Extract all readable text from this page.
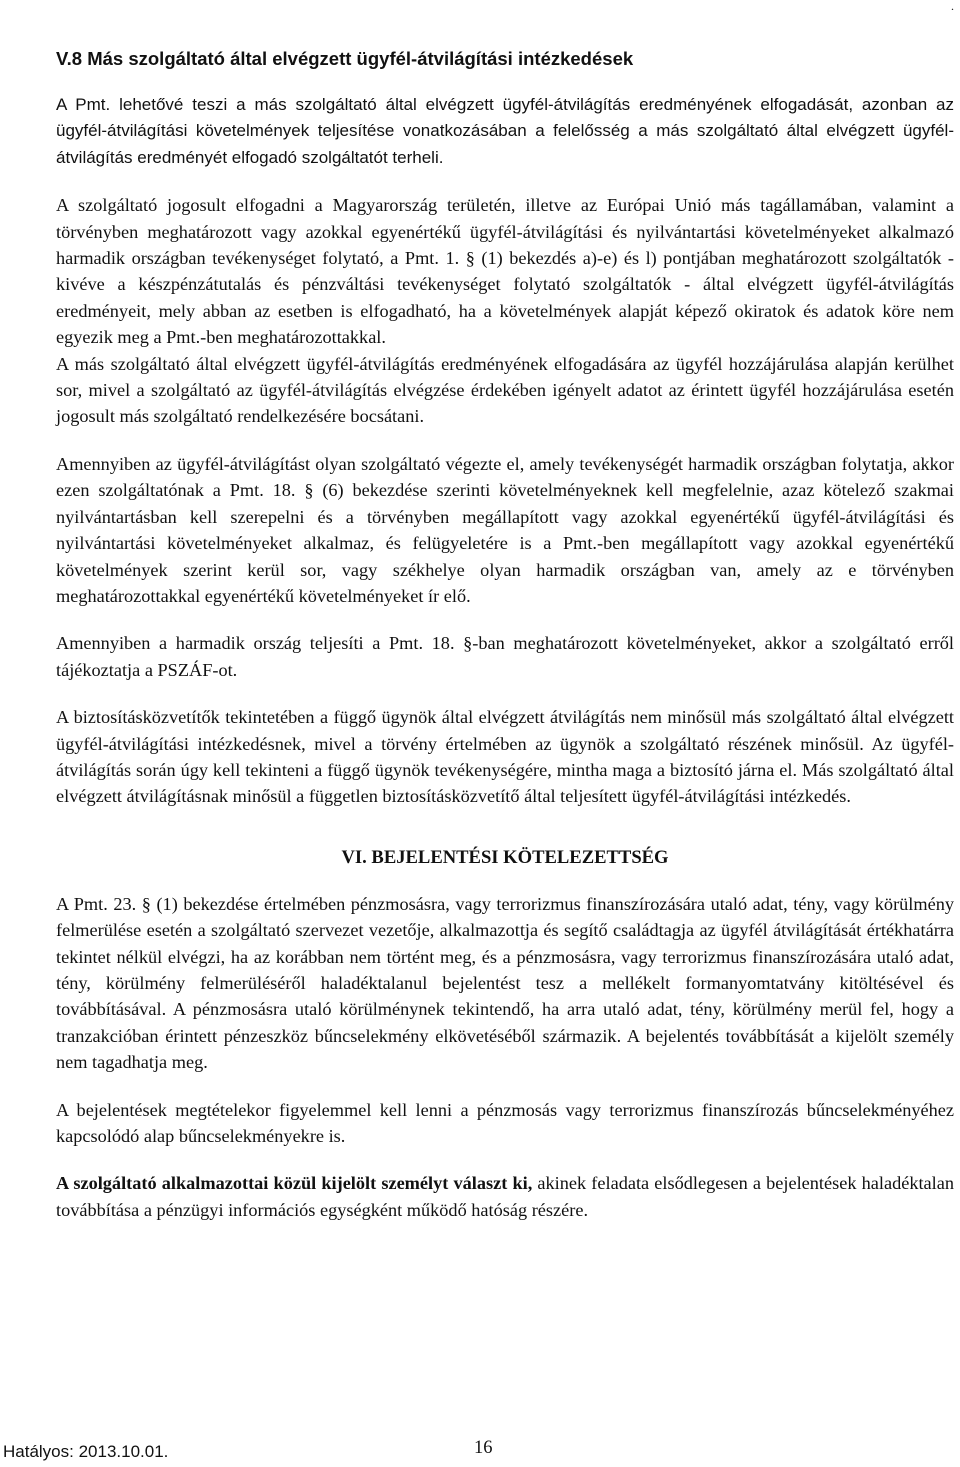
.
V.8 Más szolgáltató által elvégzett ügyfél-átvilágítási intézkedések

A Pmt. lehetővé teszi a más szolgáltató által elvégzett ügyfél-átvilágítás eredményének elfogadását, azonban az ügyfél-átvilágítási követelmények teljesítése vonatkozásában a felelősség a más szolgáltató által elvégzett ügyfél-átvilágítás eredményét elfogadó szolgáltatót terheli.

A szolgáltató jogosult elfogadni a Magyarország területén, illetve az Európai Unió más tagállamában, valamint a törvényben meghatározott vagy azokkal egyenértékű ügyfél-átvilágítási és nyilvántartási követelményeket alkalmazó harmadik országban tevékenységet folytató, a Pmt. 1. § (1) bekezdés a)-e) és l) pontjában meghatározott szolgáltatók - kivéve a készpénzátutalás és pénzváltási tevékenységet folytató szolgáltatók - által elvégzett ügyfél-átvilágítás eredményeit, mely abban az esetben is elfogadható, ha a követelmények alapját képező okiratok és adatok köre nem egyezik meg a Pmt.-ben meghatározottakkal.

A más szolgáltató által elvégzett ügyfél-átvilágítás eredményének elfogadására az ügyfél hozzájárulása alapján kerülhet sor, mivel a szolgáltató az ügyfél-átvilágítás elvégzése érdekében igényelt adatot az érintett ügyfél hozzájárulása esetén jogosult más szolgáltató rendelkezésére bocsátani.

Amennyiben az ügyfél-átvilágítást olyan szolgáltató végezte el, amely tevékenységét harmadik országban folytatja, akkor ezen szolgáltatónak a Pmt. 18. § (6) bekezdése szerinti követelményeknek kell megfelelnie, azaz kötelező szakmai nyilvántartásban kell szerepelni és a törvényben megállapított vagy azokkal egyenértékű ügyfél-átvilágítási és nyilvántartási követelményeket alkalmaz, és felügyeletére is a Pmt.-ben megállapított vagy azokkal egyenértékű követelmények szerint kerül sor, vagy székhelye olyan harmadik országban van, amely az e törvényben meghatározottakkal egyenértékű követelményeket ír elő.

Amennyiben a harmadik ország teljesíti a Pmt. 18. §-ban meghatározott követelményeket, akkor a szolgáltató erről tájékoztatja a PSZÁF-ot.

A biztosításközvetítők tekintetében a függő ügynök által elvégzett átvilágítás nem minősül más szolgáltató által elvégzett ügyfél-átvilágítási intézkedésnek, mivel a törvény értelmében az ügynök a szolgáltató részének minősül. Az ügyfél-átvilágítás során úgy kell tekinteni a függő ügynök tevékenységére, mintha maga a biztosító járna el. Más szolgáltató által elvégzett átvilágításnak minősül a független biztosításközvetítő által teljesített ügyfél-átvilágítási intézkedés.

VI. BEJELENTÉSI KÖTELEZETTSÉG

A Pmt. 23. § (1) bekezdése értelmében pénzmosásra, vagy terrorizmus finanszírozására utaló adat, tény, vagy körülmény felmerülése esetén a szolgáltató szervezet vezetője, alkalmazottja és segítő családtagja az ügyfél átvilágítását értékhatárra tekintet nélkül elvégzi, ha az korábban nem történt meg, és a pénzmosásra, vagy terrorizmus finanszírozására utaló adat, tény, körülmény felmerüléséről haladéktalanul bejelentést tesz a mellékelt formanyomtatvány kitöltésével és továbbításával. A pénzmosásra utaló körülménynek tekintendő, ha arra utaló adat, tény, körülmény merül fel, hogy a tranzakcióban érintett pénzeszköz bűncselekmény elkövetéséből származik. A bejelentés továbbítását a kijelölt személy nem tagadhatja meg.

A bejelentések megtételekor figyelemmel kell lenni a pénzmosás vagy terrorizmus finanszírozás bűncselekményéhez kapcsolódó alap bűncselekményekre is.

A szolgáltató alkalmazottai közül kijelölt személyt választ ki, akinek feladata elsődlegesen a bejelentések haladéktalan továbbítása a pénzügyi információs egységként működő hatóság részére.

Hatályos: 2013.10.01.	16
